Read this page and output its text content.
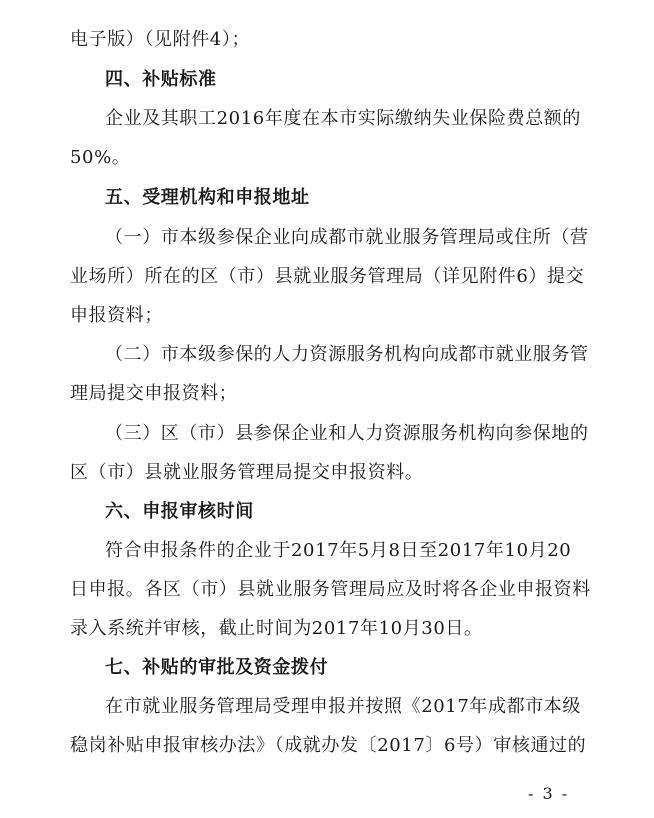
电子版）（见附件4）；
四、补贴标准
企业及其职工2016年度在本市实际缴纳失业保险费总额的
50%。
五、受理机构和申报地址
（一）市本级参保企业向成都市就业服务管理局或住所（营
业场所）所在的区（市）县就业服务管理局（详见附件6）提交
申报资料；
（二）市本级参保的人力资源服务机构向成都市就业服务管
理局提交申报资料；
（三）区（市）县参保企业和人力资源服务机构向参保地的
区（市）县就业服务管理局提交申报资料。
六、申报审核时间
符合申报条件的企业于2017年5月8日至2017年10月20
日申报。各区（市）县就业服务管理局应及时将各企业申报资料
录入系统并审核，截止时间为2017年10月30日。
七、补贴的审批及资金拨付
在市就业服务管理局受理申报并按照《2017年成都市本级
稳岗补贴申报审核办法》（成就办发〔2017〕6号）审核通过的
- 3 -
